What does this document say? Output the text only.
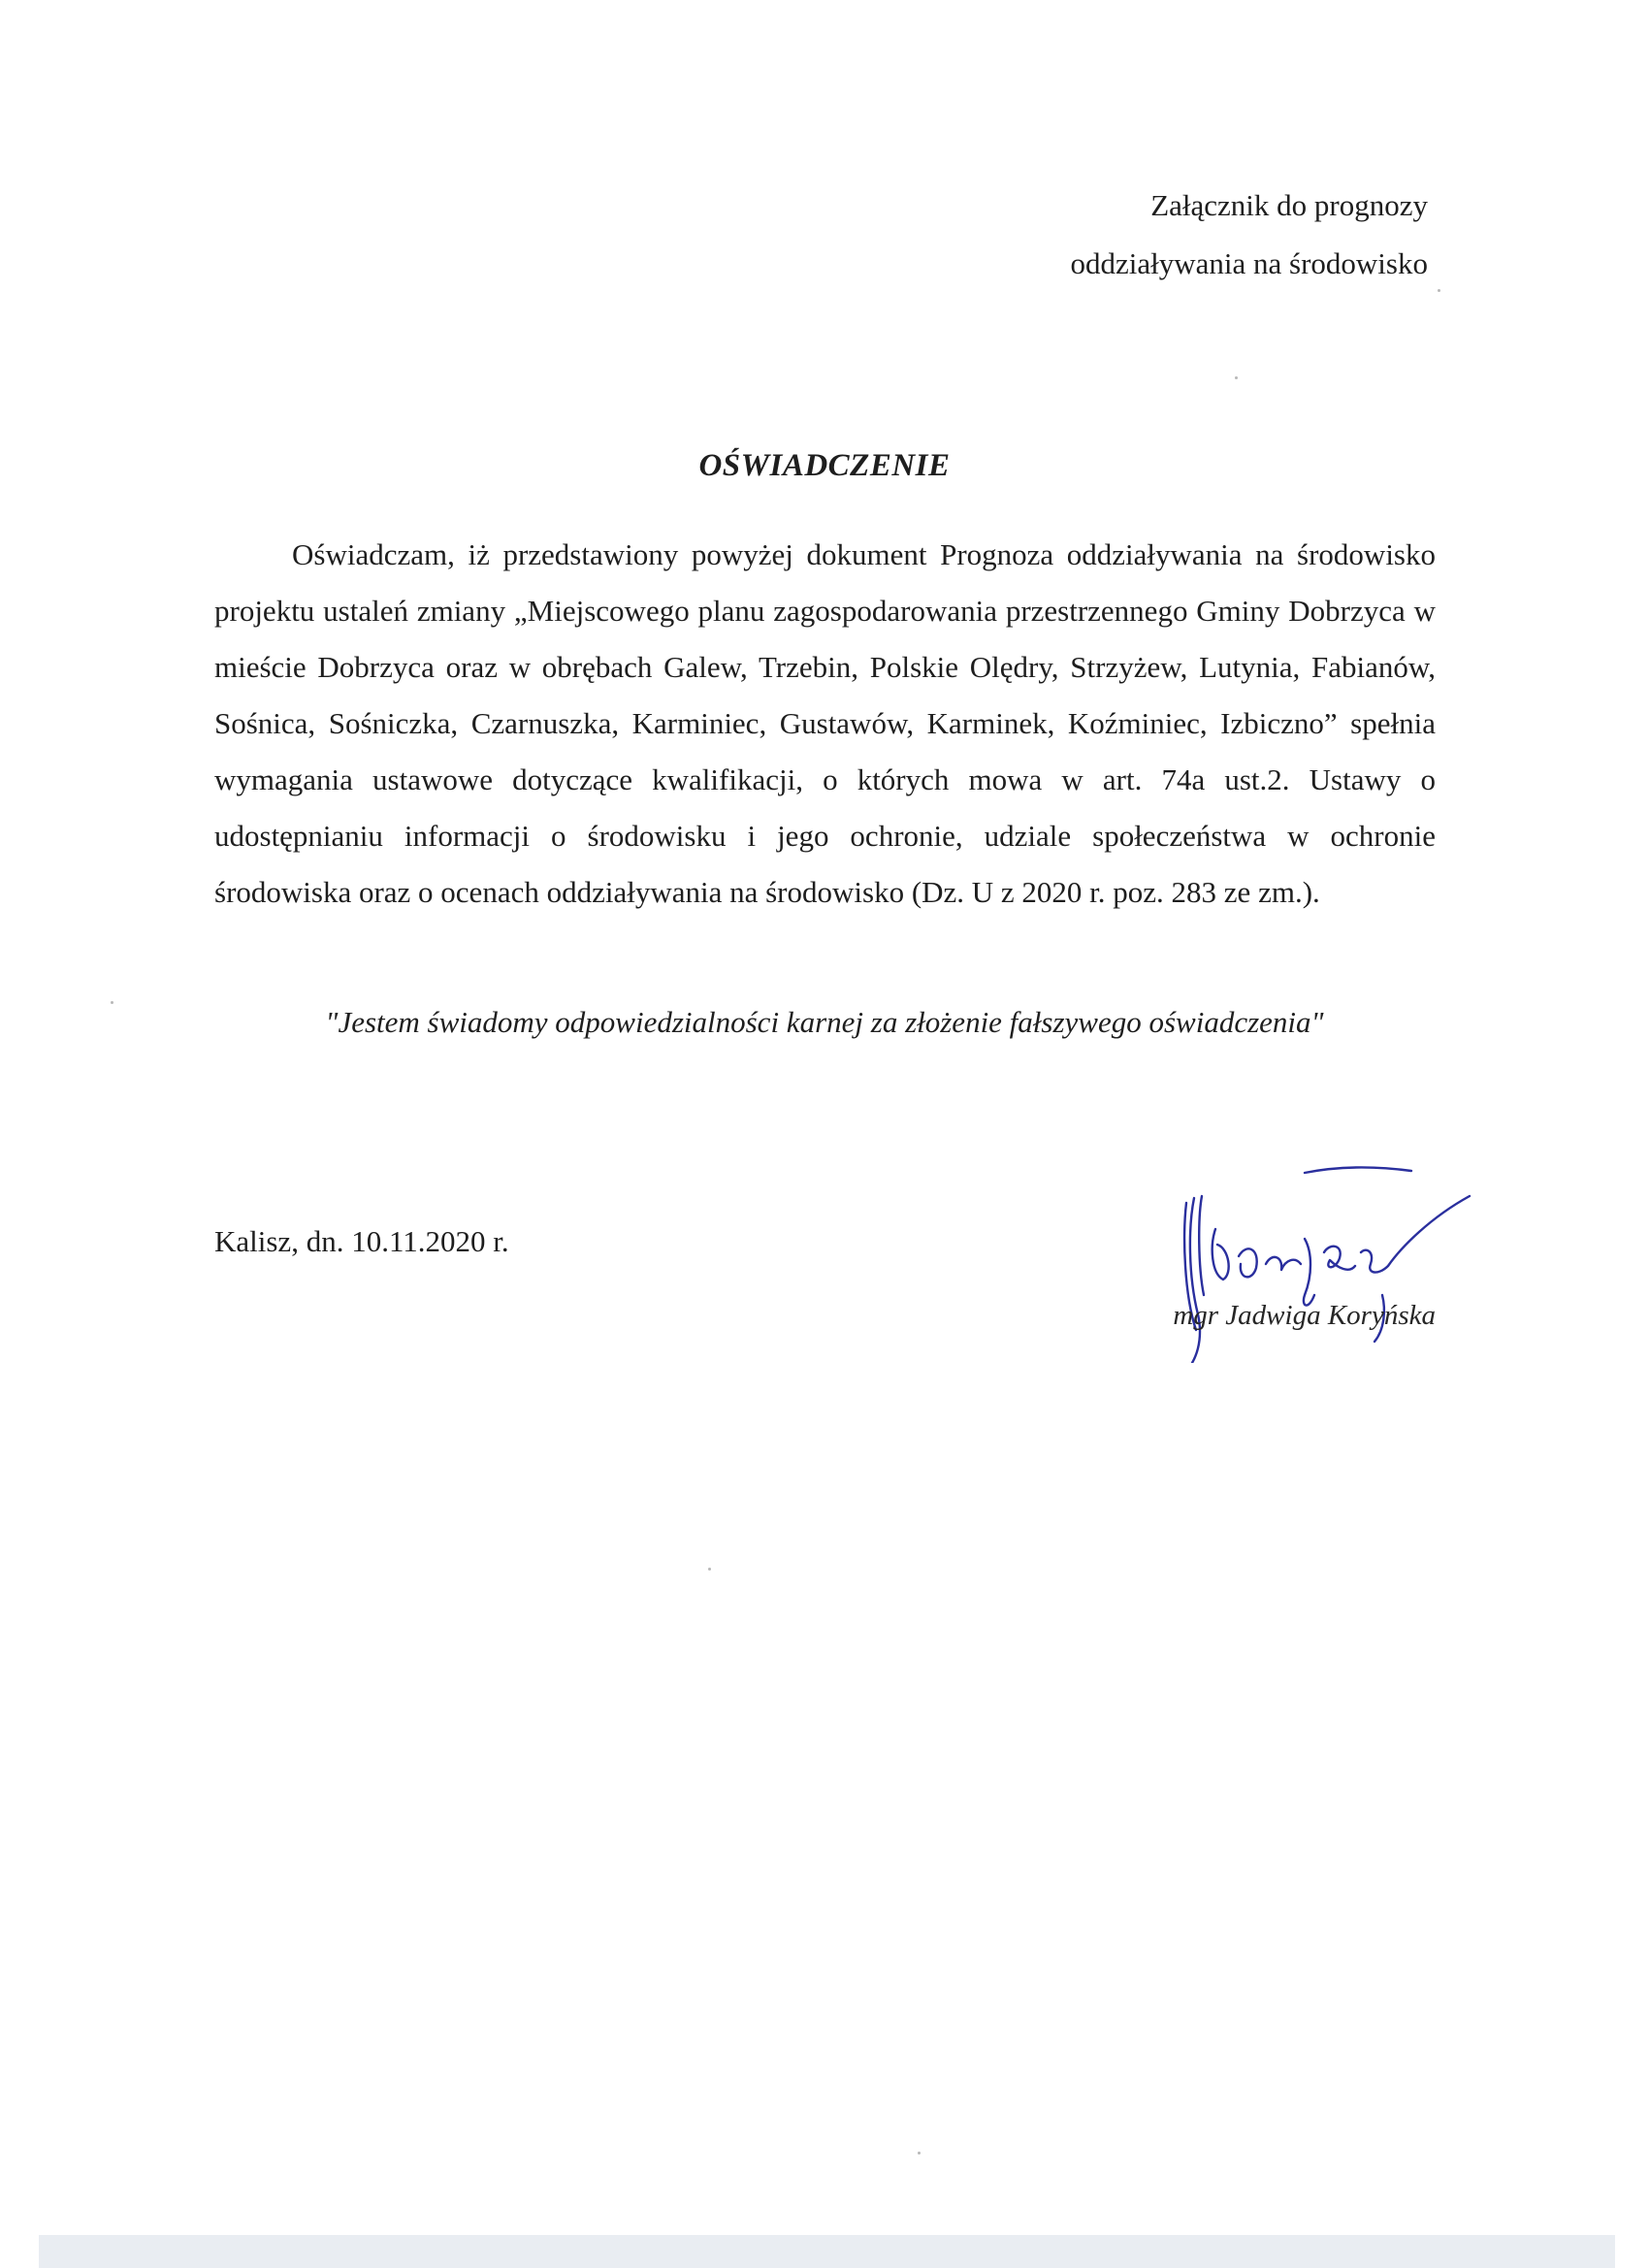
Załącznik do prognozy
oddziaływania na środowisko
OŚWIADCZENIE

Oświadczam, iż przedstawiony powyżej dokument Prognoza oddziaływania na środowisko projektu ustaleń zmiany „Miejscowego planu zagospodarowania przestrzennego Gminy Dobrzyca w mieście Dobrzyca oraz w obrębach Galew, Trzebin, Polskie Olędry, Strzyżew, Lutynia, Fabianów, Sośnica, Sośniczka, Czarnuszka, Karminiec, Gustawów, Karminek, Koźminiec, Izbiczno” spełnia wymagania ustawowe dotyczące kwalifikacji, o których mowa w art. 74a ust.2. Ustawy o udostępnianiu informacji o środowisku i jego ochronie, udziale społeczeństwa w ochronie środowiska oraz o ocenach oddziaływania na środowisko (Dz. U z 2020 r. poz. 283 ze zm.).

"Jestem świadomy odpowiedzialności karnej za złożenie fałszywego oświadczenia"
Kalisz, dn. 10.11.2020 r.
mgr Jadwiga Koryńska
